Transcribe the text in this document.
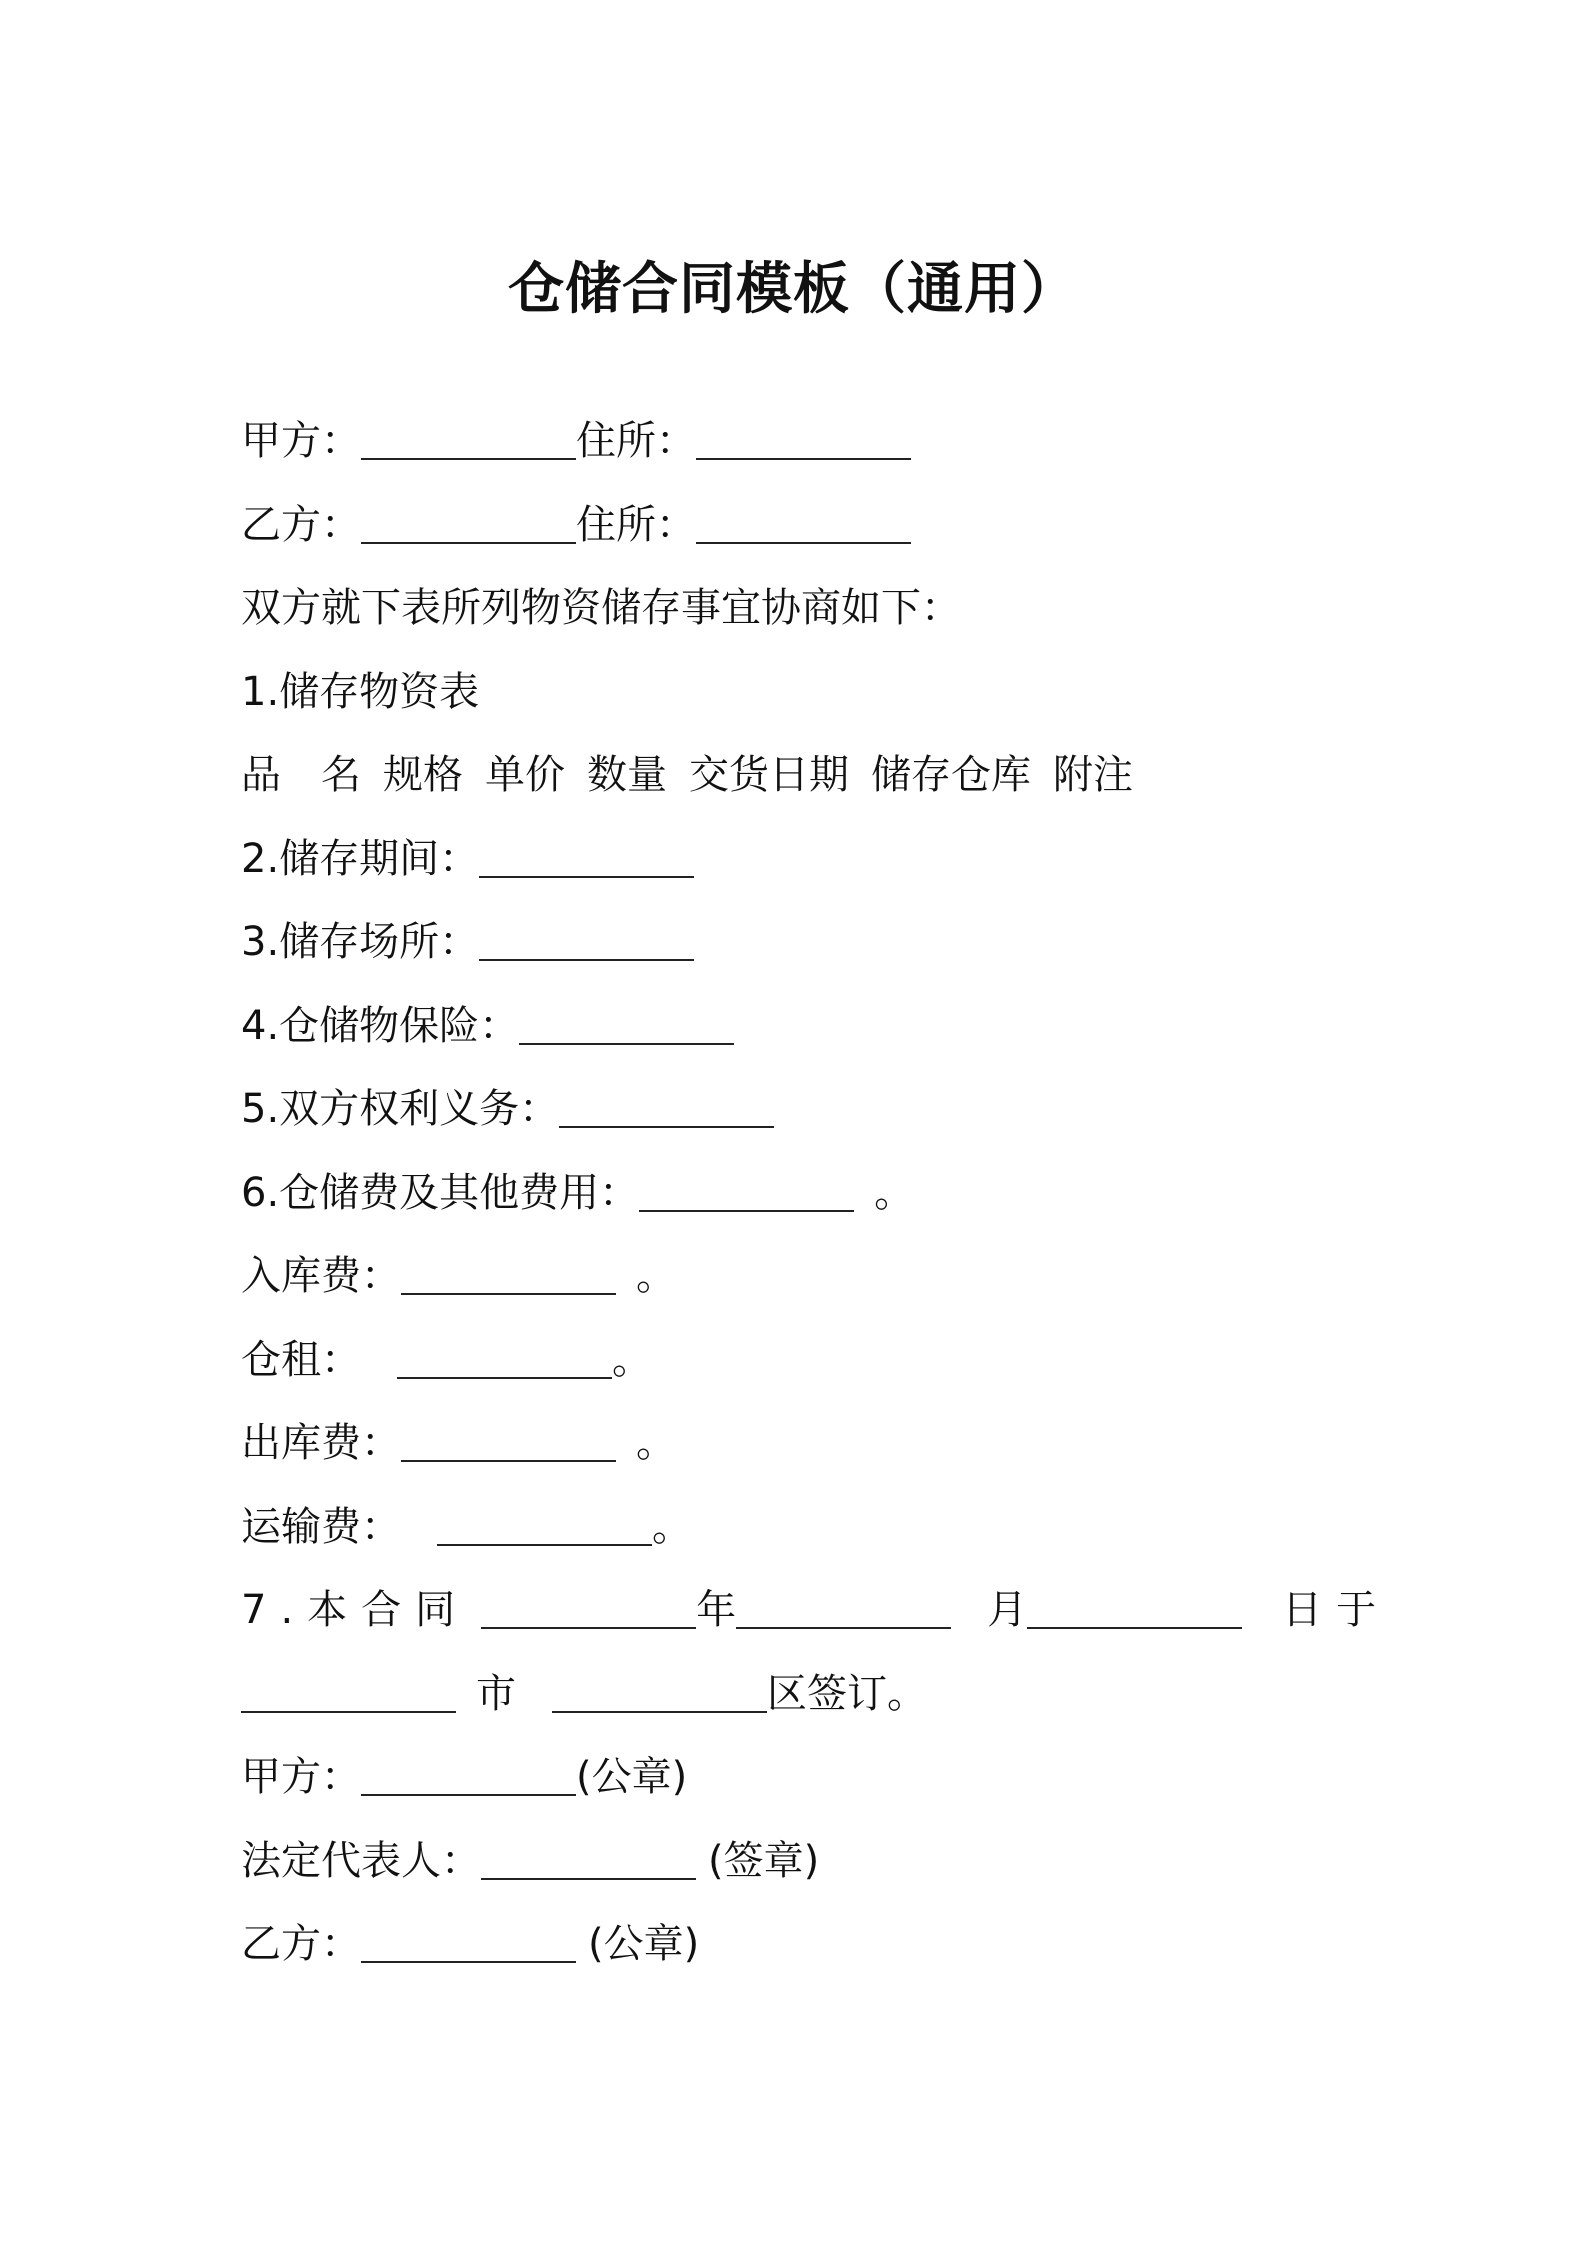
仓储合同模板（通用）
甲方：	住所：
乙方：	住所：
双方就下表所列物资储存事宜协商如下：
1.储存物资表
品　名 规格 单价 数量 交货日期 储存仓库 附注
2.储存期间：
3.储存场所：
4.仓储物保险：
5.双方权利义务：
6.仓储费及其他费用：	。
入库费：	。
仓租：	。
出库费：	。
运输费：	。
7.本合同	年	月	日于
市	区签订。
甲方：	(公章)
法定代表人：	(签章)
乙方：	(公章)
